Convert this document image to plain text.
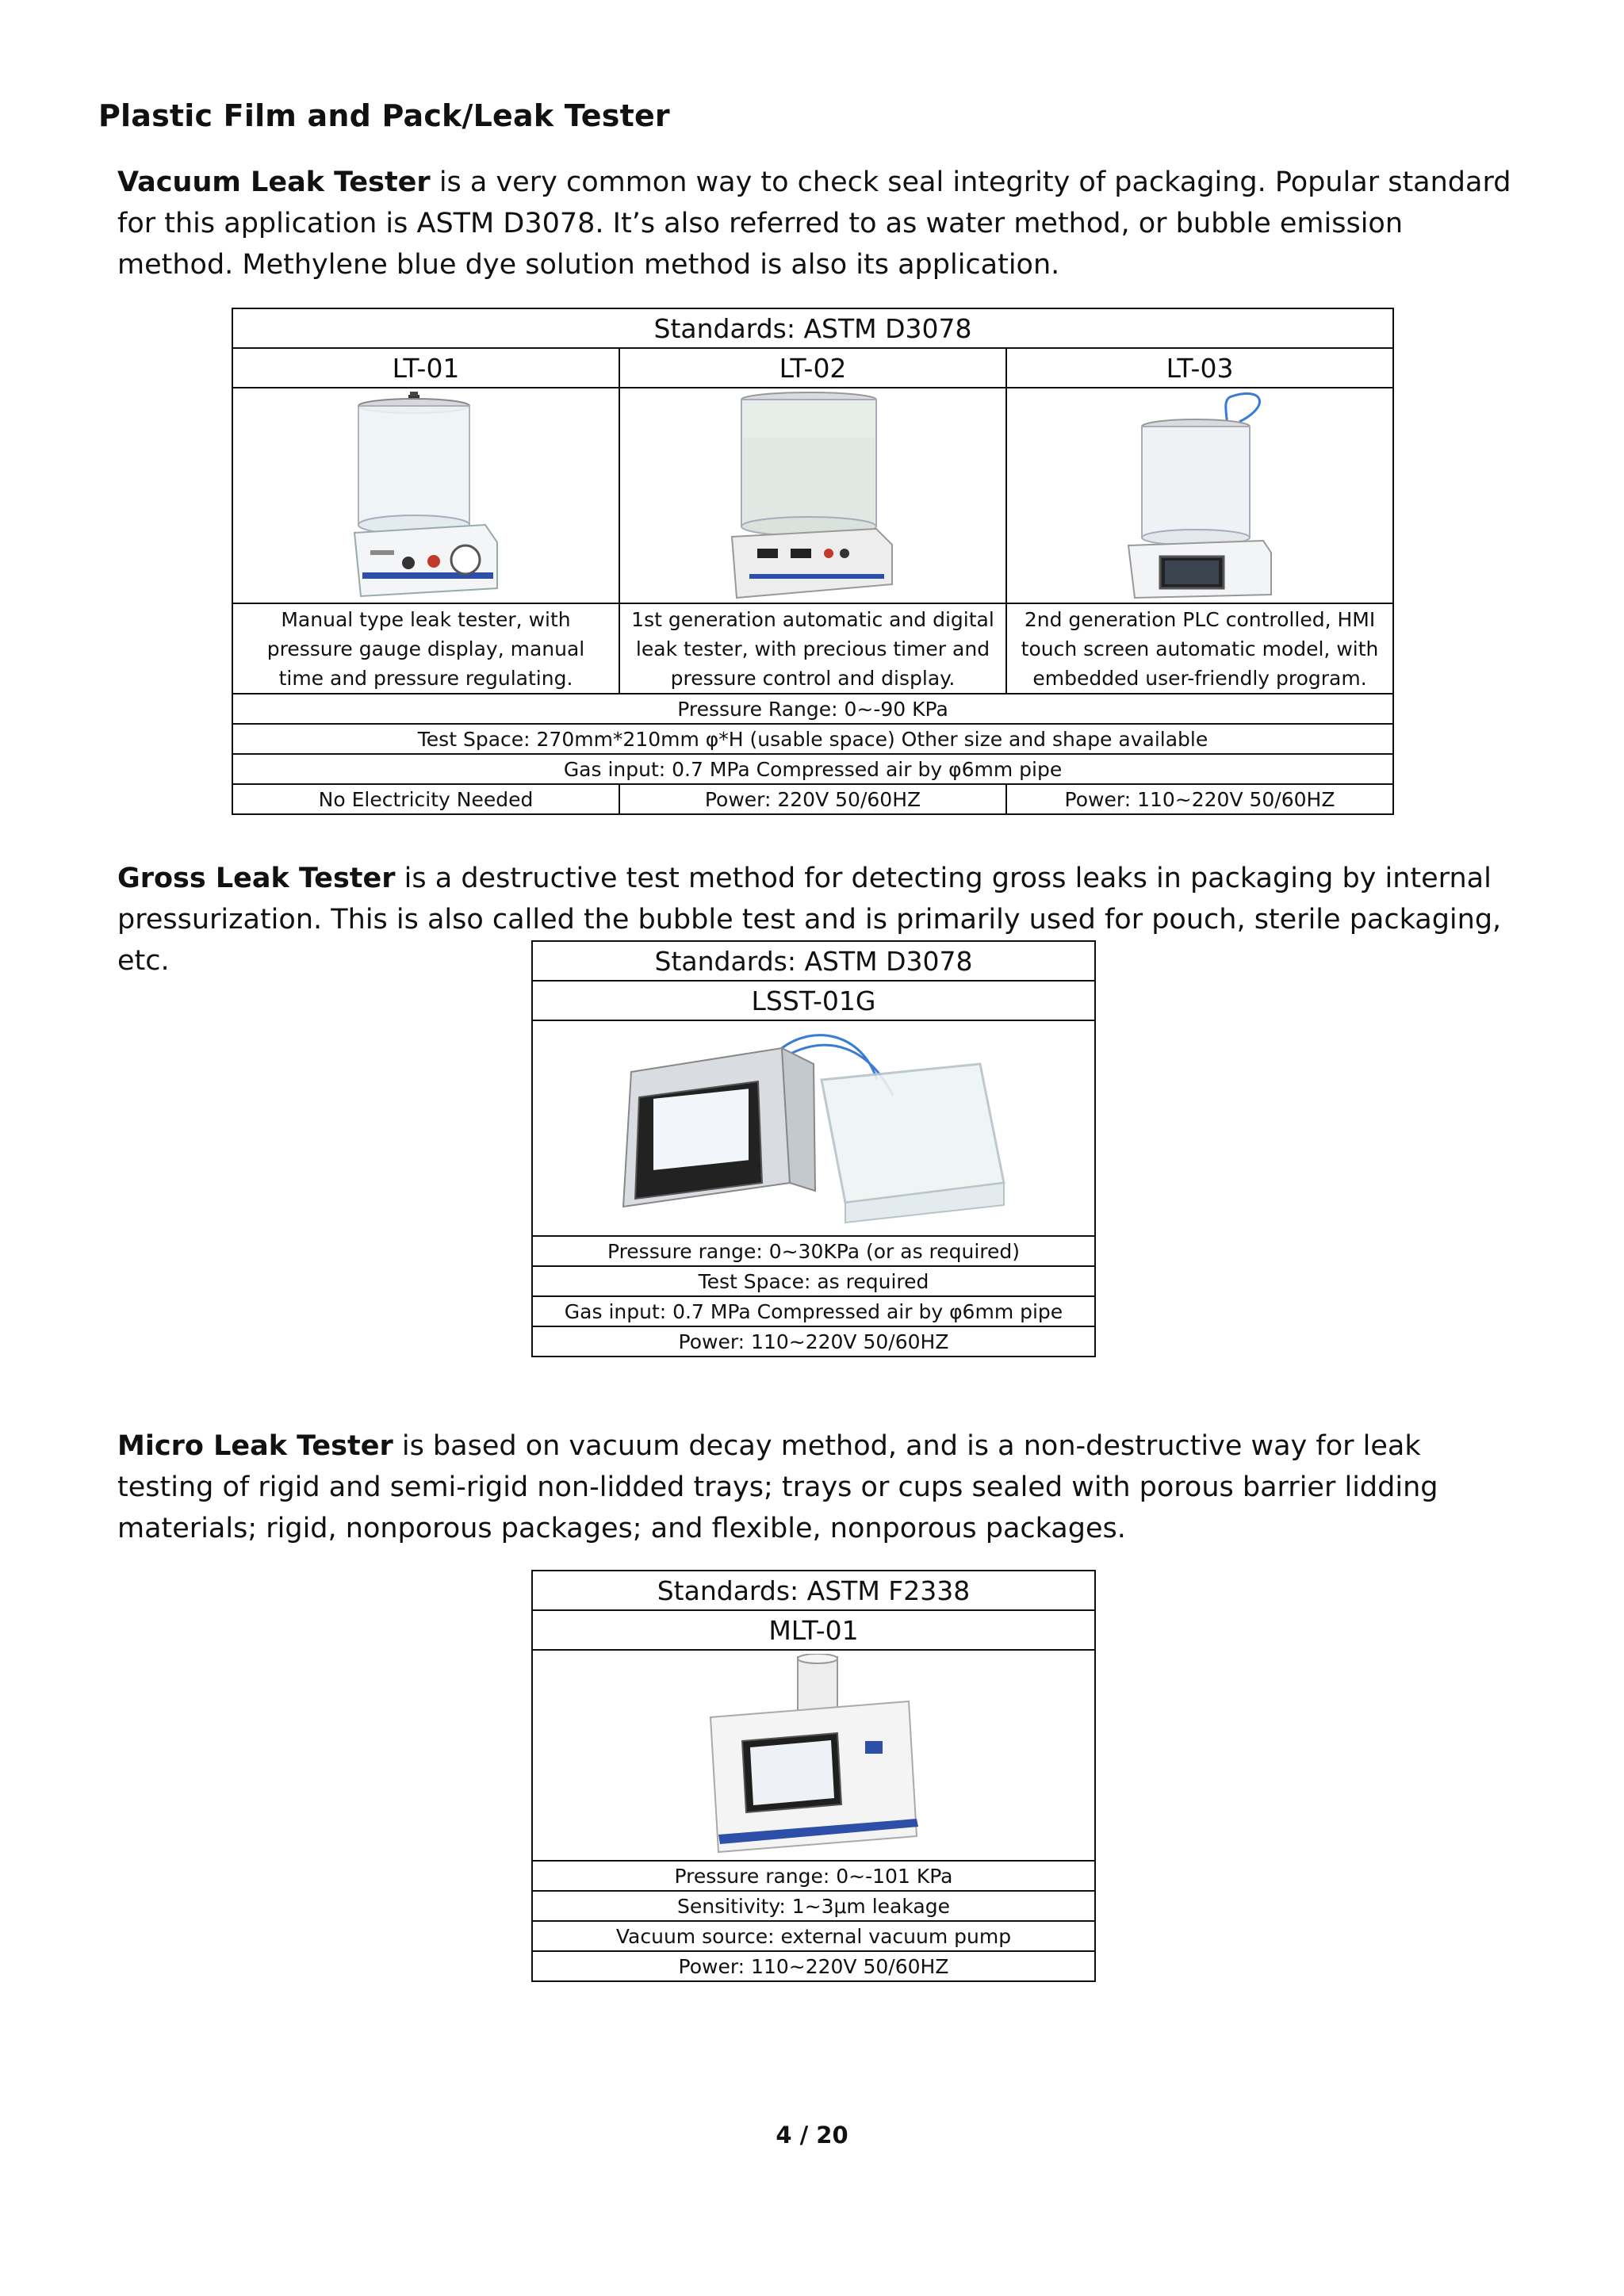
Plastic Film and Pack/Leak Tester
Vacuum Leak Tester is a very common way to check seal integrity of packaging. Popular standard for this application is ASTM D3078. It’s also referred to as water method, or bubble emission method. Methylene blue dye solution method is also its application.
Standards: ASTM D3078		
LT-01	LT-02	LT-03

Manual type leak tester, with pressure gauge display, manual time and pressure regulating.	1st generation automatic and digital leak tester, with precious timer and pressure control and display.	2nd generation PLC controlled, HMI touch screen automatic model, with embedded user-friendly program.
Pressure Range: 0~-90 KPa		
Test Space: 270mm*210mm φ*H (usable space) Other size and shape available		
Gas input: 0.7 MPa Compressed air by φ6mm pipe		
No Electricity Needed	Power: 220V 50/60HZ	Power: 110~220V 50/60HZ
Gross Leak Tester is a destructive test method for detecting gross leaks in packaging by internal pressurization. This is also called the bubble test and is primarily used for pouch, sterile packaging, etc.	Standards: ASTM D3078
LSST-01G

Pressure range: 0~30KPa (or as required)
Test Space: as required
Gas input: 0.7 MPa Compressed air by φ6mm pipe
Power: 110~220V 50/60HZ
Micro Leak Tester is based on vacuum decay method, and is a non-destructive way for leak testing of rigid and semi-rigid non-lidded trays; trays or cups sealed with porous barrier lidding materials; rigid, nonporous packages; and flexible, nonporous packages.
Standards: ASTM F2338
MLT-01

Pressure range: 0~-101 KPa
Sensitivity: 1~3μm leakage
Vacuum source: external vacuum pump
Power: 110~220V 50/60HZ
4 / 20
